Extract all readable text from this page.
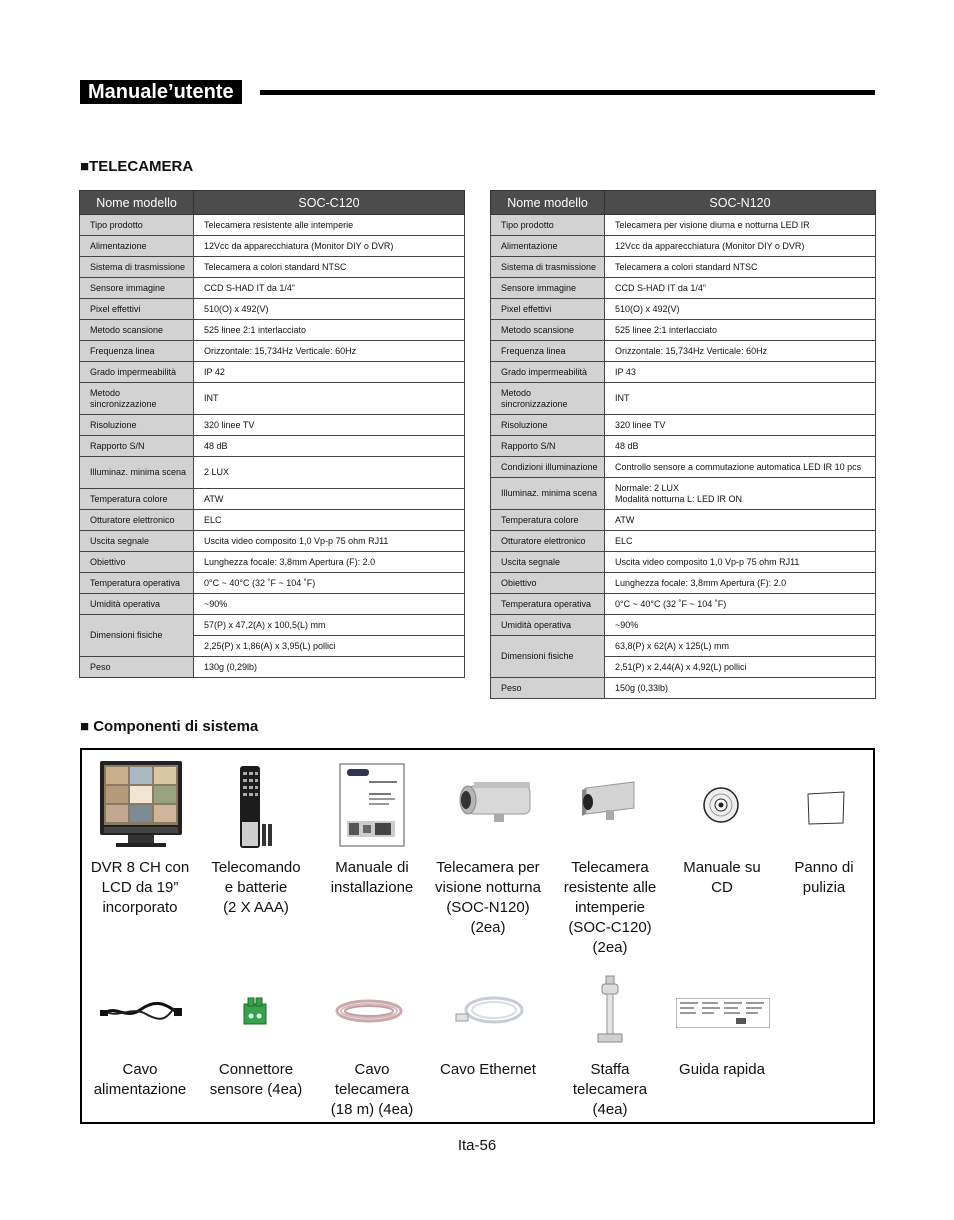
Manuale’utente
■TELECAMERA
Nome modello	SOC-C120
Tipo prodotto	Telecamera resistente alle intemperie
Alimentazione	12Vcc da apparecchiatura (Monitor DIY o DVR)
Sistema di trasmissione	Telecamera a colori standard NTSC
Sensore immagine	CCD S-HAD IT da 1/4”
Pixel effettivi	510(O) x 492(V)
Metodo scansione	525 linee 2:1 interlacciato
Frequenza linea	Orizzontale: 15,734Hz Verticale: 60Hz
Grado impermeabilità	IP 42
Metodo sincronizzazione	INT
Risoluzione	320 linee TV
Rapporto S/N	48 dB
Illuminaz. minima scena	2 LUX
Temperatura colore	ATW
Otturatore elettronico	ELC
Uscita segnale	Uscita video composito 1,0 Vp-p 75 ohm RJ11
Obiettivo	Lunghezza focale: 3,8mm Apertura (F): 2.0
Temperatura operativa	0°C ~ 40°C (32 ˚F ~ 104 ˚F)
Umidità operativa	~90%
Dimensioni fisiche	57(P) x 47,2(A) x 100,5(L) mm
	2,25(P) x 1,86(A) x 3,95(L) pollici
Peso	130g (0,29lb)
Nome modello	SOC-N120
Tipo prodotto	Telecamera per visione diurna e notturna LED IR
Alimentazione	12Vcc da apparecchiatura (Monitor DIY o DVR)
Sistema di trasmissione	Telecamera a colori standard NTSC
Sensore immagine	CCD S-HAD IT da 1/4”
Pixel effettivi	510(O) x 492(V)
Metodo scansione	525 linee 2:1 interlacciato
Frequenza linea	Orizzontale: 15,734Hz Verticale: 60Hz
Grado impermeabilità	IP 43
Metodo sincronizzazione	INT
Risoluzione	320 linee TV
Rapporto S/N	48 dB
Condizioni illuminazione	Controllo sensore a commutazione automatica LED IR 10 pcs
Illuminaz. minima scena	Normale: 2 LUX
Modalità notturna L: LED IR ON

Temperatura colore	ATW
Otturatore elettronico	ELC
Uscita segnale	Uscita video composito 1,0 Vp-p 75 ohm RJ11
Obiettivo	Lunghezza focale: 3,8mm Apertura (F): 2.0
Temperatura operativa	0°C ~ 40°C (32 ˚F ~ 104 ˚F)
Umidità operativa	~90%
Dimensioni fisiche	63,8(P) x 62(A) x 125(L) mm
	2,51(P) x 2,44(A) x 4,92(L) pollici
Peso	150g (0,33lb)
■ Componenti di sistema
DVR 8 CH con
LCD da 19”
incorporato
Telecomando
e batterie
(2 X AAA)
Manuale di
installazione
Telecamera per
visione notturna
(SOC-N120)
(2ea)
Telecamera
resistente alle
intemperie
(SOC-C120)
(2ea)
Manuale su
CD
Panno di
pulizia
Cavo
alimentazione
Connettore
sensore (4ea)
Cavo
telecamera
(18 m) (4ea)
Cavo Ethernet	Staffa
telecamera
(4ea)
Guida rapida
Ita-56
